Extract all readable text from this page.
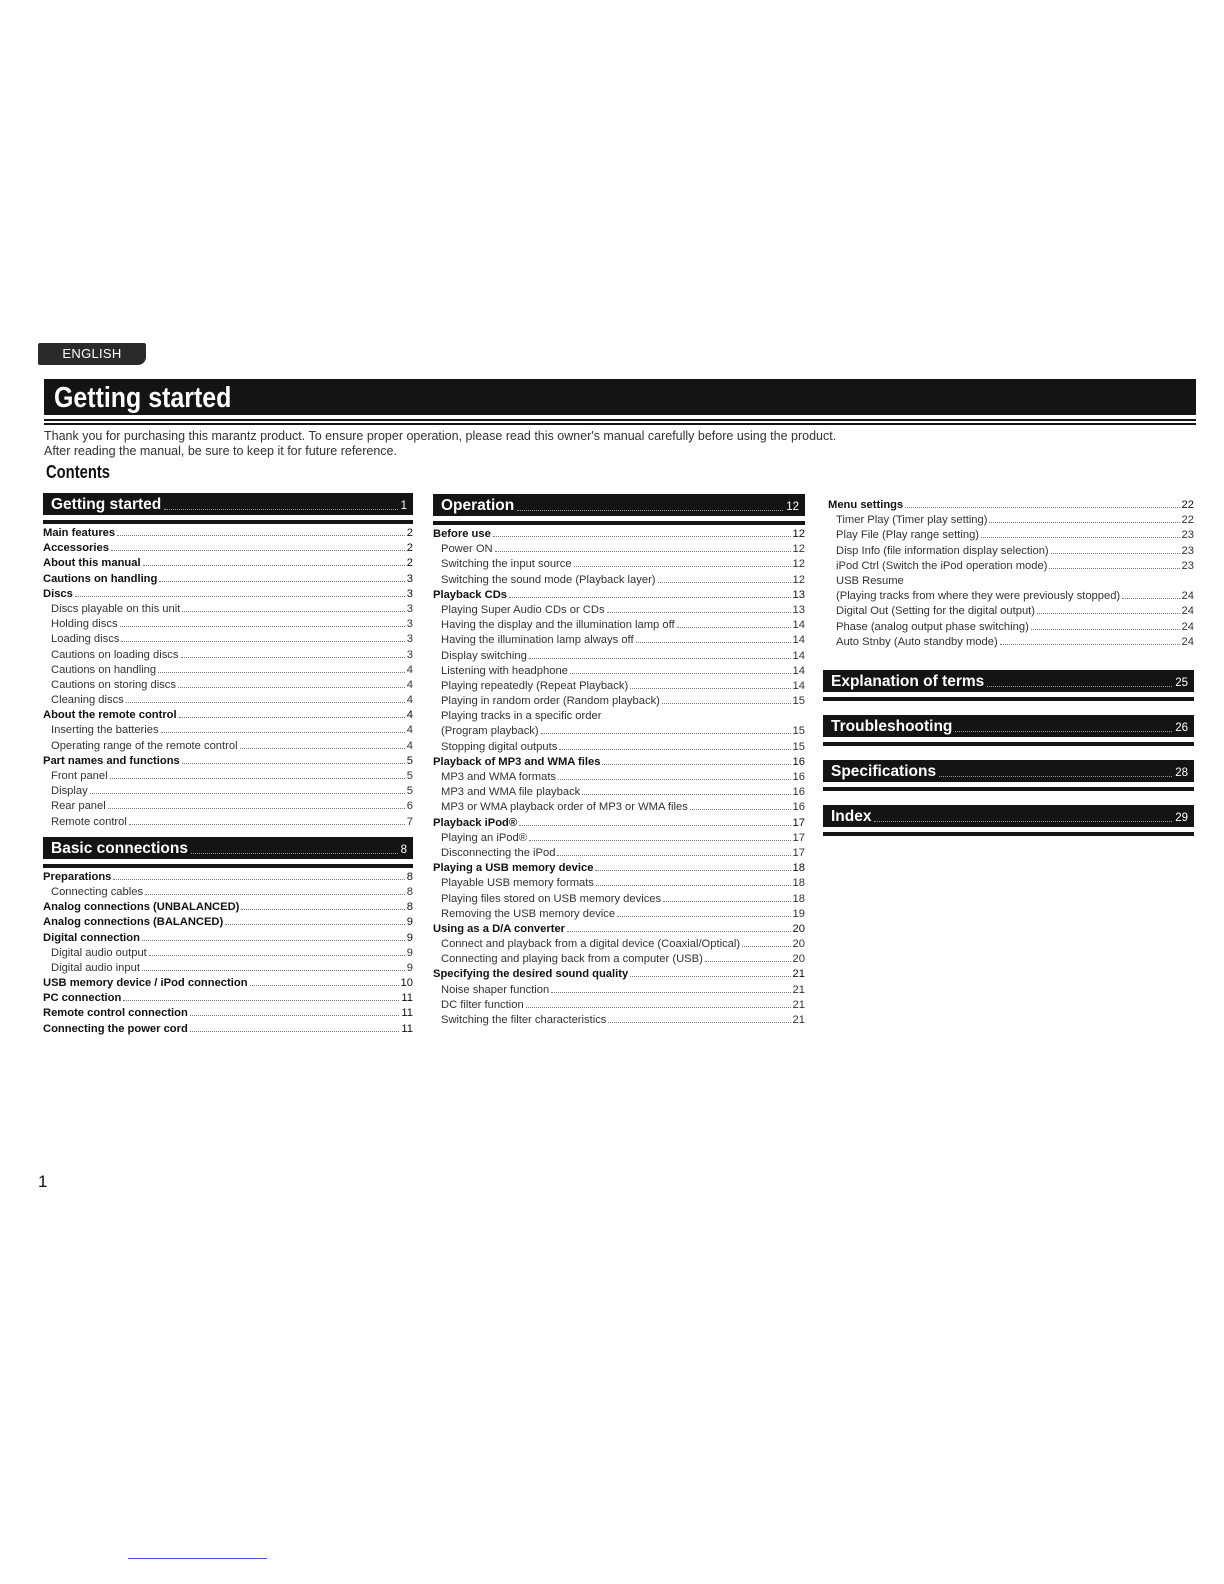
ENGLISH
Getting started
Thank you for purchasing this marantz product. To ensure proper operation, please read this owner's manual carefully before using the product.
After reading the manual, be sure to keep it for future reference.
Contents
Getting started	1
Main features	2
Accessories	2
About this manual	2
Cautions on handling	3
Discs	3
Discs playable on this unit	3
Holding discs	3
Loading discs	3
Cautions on loading discs	3
Cautions on handling	4
Cautions on storing discs	4
Cleaning discs	4
About the remote control	4
Inserting the batteries	4
Operating range of the remote control	4
Part names and functions	5
Front panel	5
Display	5
Rear panel	6
Remote control	7
Basic connections	8
Preparations	8
Connecting cables	8
Analog connections (UNBALANCED)	8
Analog connections (BALANCED)	9
Digital connection	9
Digital audio output	9
Digital audio input	9
USB memory device / iPod connection	10
PC connection	11
Remote control connection	11
Connecting the power cord	11
Operation	12
Before use	12
Power ON	12
Switching the input source	12
Switching the sound mode (Playback layer)	12
Playback CDs	13
Playing Super Audio CDs or CDs	13
Having the display and the illumination lamp off	14
Having the illumination lamp always off	14
Display switching	14
Listening with headphone	14
Playing repeatedly (Repeat Playback)	14
Playing in random order (Random playback)	15
Playing tracks in a specific order
(Program playback)	15
Stopping digital outputs	15
Playback of MP3 and WMA files	16
MP3 and WMA formats	16
MP3 and WMA file playback	16
MP3 or WMA playback order of MP3 or WMA files	16
Playback iPod®	17
Playing an iPod®	17
Disconnecting the iPod	17
Playing a USB memory device	18
Playable USB memory formats	18
Playing files stored on USB memory devices	18
Removing the USB memory device	19
Using as a D/A converter	20
Connect and playback from a digital device (Coaxial/Optical)	20
Connecting and playing back from a computer (USB)	20
Specifying the desired sound quality	21
Noise shaper function	21
DC filter function	21
Switching the filter characteristics	21
Menu settings	22
Timer Play (Timer play setting)	22
Play File (Play range setting)	23
Disp Info (file information display selection)	23
iPod Ctrl (Switch the iPod operation mode)	23
USB Resume
(Playing tracks from where they were previously stopped)	24
Digital Out (Setting for the digital output)	24
Phase (analog output phase switching)	24
Auto Stnby (Auto standby mode)	24
Explanation of terms	25
Troubleshooting	26
Specifications	28
Index	29
1
